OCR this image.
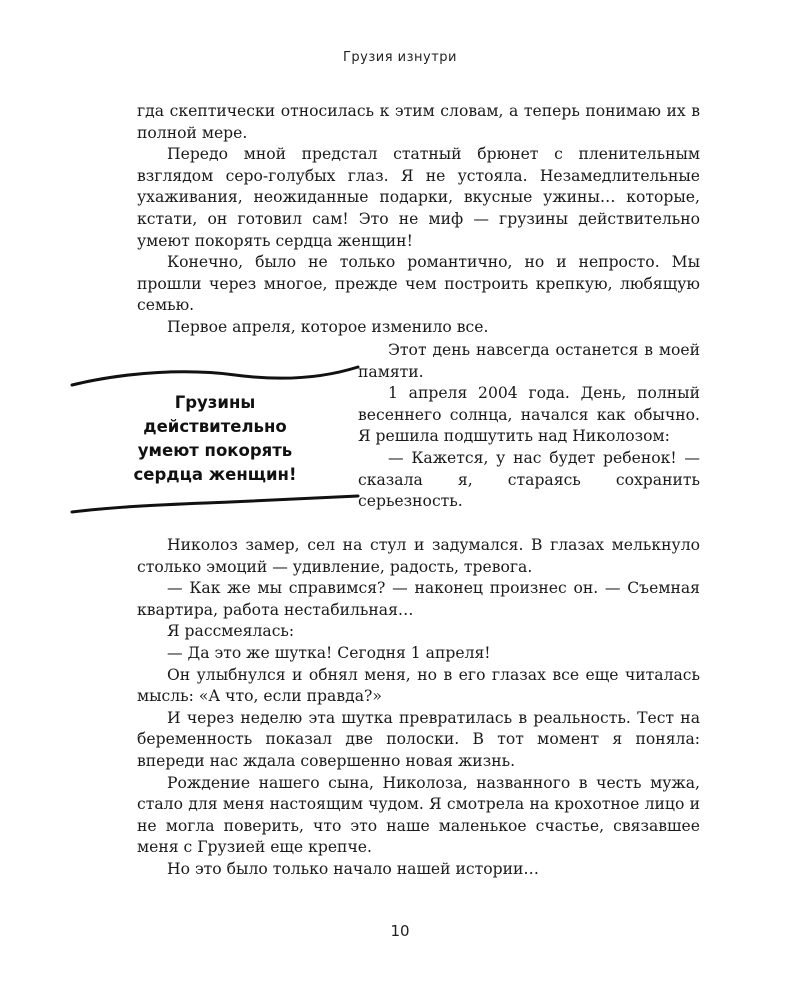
Грузия изнутри

гда скептически относилась к этим словам, а теперь понимаю их в полной мере.

Передо мной предстал статный брюнет с пленительным взглядом серо-голубых глаз. Я не устояла. Незамедлительные ухаживания, неожиданные подарки, вкусные ужины… которые, кстати, он готовил сам! Это не миф — грузины действительно умеют покорять сердца женщин!

Конечно, было не только романтично, но и непросто. Мы прошли через многое, прежде чем построить крепкую, любящую семью.

Первое апреля, которое изменило все.

Грузины
действительно
умеют покорять
сердца женщин!

Этот день навсегда останется в моей памяти.

1 апреля 2004 года. День, полный весеннего солнца, начался как обычно. Я решила подшутить над Николозом:

— Кажется, у нас будет ребенок! — сказала я, стараясь сохранить серьезность.

Николоз замер, сел на стул и задумался. В глазах мелькнуло столько эмоций — удивление, радость, тревога.

— Как же мы справимся? — наконец произнес он. — Съемная квартира, работа нестабильная…

Я рассмеялась:

— Да это же шутка! Сегодня 1 апреля!

Он улыбнулся и обнял меня, но в его глазах все еще читалась мысль: «А что, если правда?»

И через неделю эта шутка превратилась в реальность. Тест на беременность показал две полоски. В тот момент я поняла: впереди нас ждала совершенно новая жизнь.

Рождение нашего сына, Николоза, названного в честь мужа, стало для меня настоящим чудом. Я смотрела на крохотное лицо и не могла поверить, что это наше маленькое счастье, связавшее меня с Грузией еще крепче.

Но это было только начало нашей истории…

10
